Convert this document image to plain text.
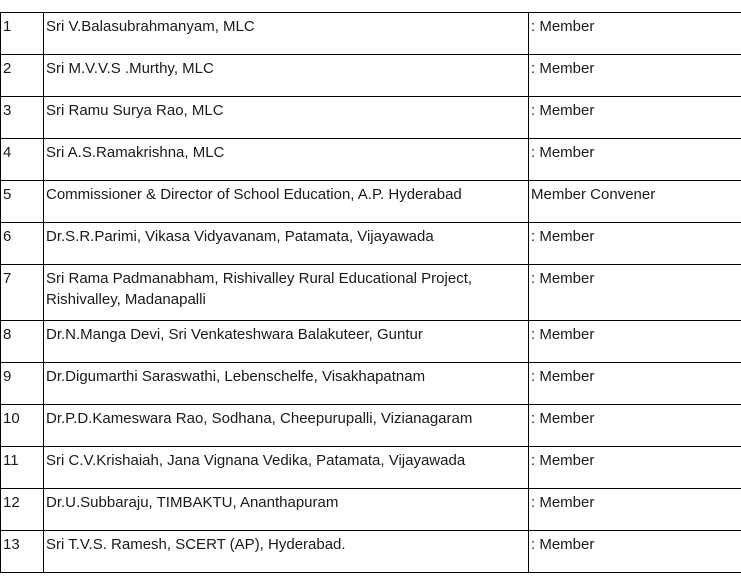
1	Sri V.Balasubrahmanyam, MLC	: Member
2	Sri M.V.V.S .Murthy, MLC	: Member
3	Sri Ramu Surya Rao, MLC	: Member
4	Sri A.S.Ramakrishna, MLC	: Member
5	Commissioner & Director of School Education, A.P. Hyderabad	Member Convener
6	Dr.S.R.Parimi, Vikasa Vidyavanam, Patamata, Vijayawada	: Member
7	Sri Rama Padmanabham, Rishivalley Rural Educational Project, Rishivalley, Madanapalli	: Member
8	Dr.N.Manga Devi, Sri Venkateshwara Balakuteer, Guntur	: Member
9	Dr.Digumarthi Saraswathi, Lebenschelfe, Visakhapatnam	: Member
10	Dr.P.D.Kameswara Rao, Sodhana, Cheepurupalli, Vizianagaram	: Member
11	Sri C.V.Krishaiah, Jana Vignana Vedika, Patamata, Vijayawada	: Member
12	Dr.U.Subbaraju, TIMBAKTU, Ananthapuram	: Member
13	Sri T.V.S. Ramesh, SCERT (AP), Hyderabad.	: Member
